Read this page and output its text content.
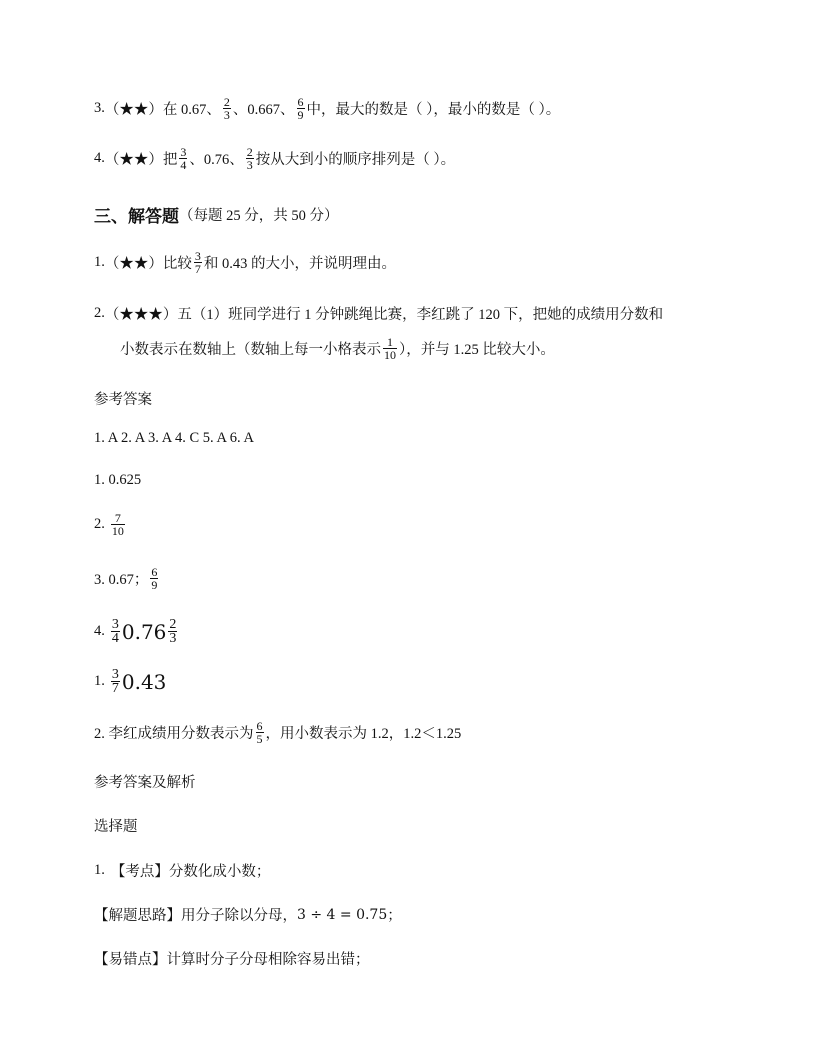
3. （★★） 在 0.67、 $\frac{2}{3}$ 、0.667、 $\frac{6}{9}$ 中，最大的数是（ ），最小的数是（ ）。
4. （★★） 把 $\frac{3}{4}$ 、0.76、 $\frac{2}{3}$ 按从大到小的顺序排列是（ ）。
三、解答题 （每题 25 分，共 50 分）
1. （★★） 比较 $\frac{3}{7}$ 和 0.43 的大小，并说明理由。
2. （★★★） 五（1）班同学进行 1 分钟跳绳比赛，李红跳了 120 下，把她的成绩用分数和
小数表示在数轴上（数轴上每一小格表示 $\frac{1}{10}$ ），并与 1.25 比较大小。
参考答案
1. A 2. A 3. A 4. C 5. A 6. A
1. 0.625
2. $\frac{7}{10}$
3. 0.67； $\frac{6}{9}$
4. $\frac{3}{4} 0.76 \frac{2}{3}$
1. $\frac{3}{7} 0.43$
2. 李红成绩用分数表示为 $\frac{6}{5}$ ，用小数表示为 1.2，1.2＜1.25
参考答案及解析
选择题
1. 【考点】 分数化成小数；
【解题思路】 用分子除以分母， 3 ÷ 4 = 0.75 ；
【易错点】 计算时分子分母相除容易出错；
